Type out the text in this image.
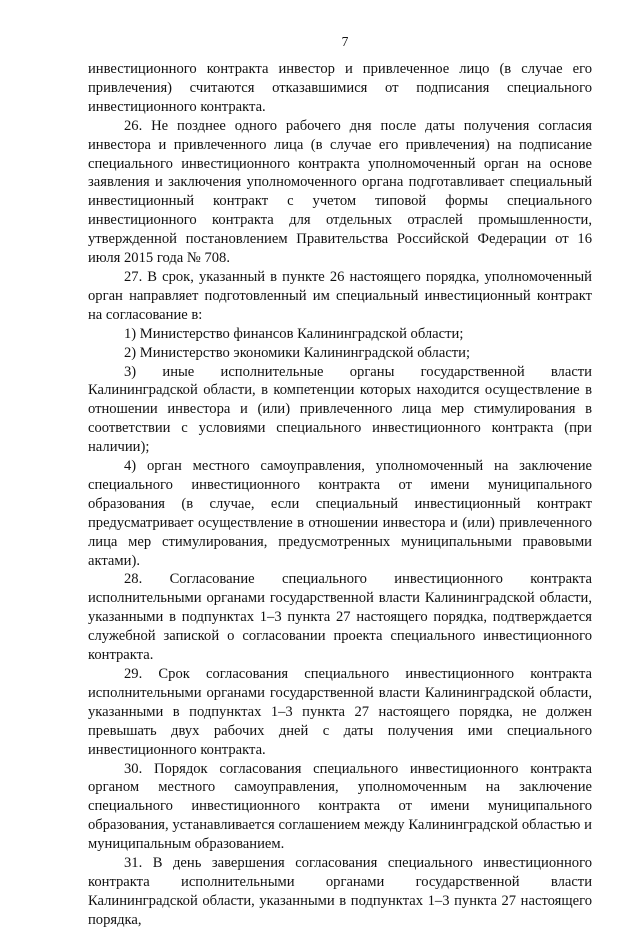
7

инвестиционного контракта инвестор и привлеченное лицо (в случае его привлечения) считаются отказавшимися от подписания специального инвестиционного контракта.

26. Не позднее одного рабочего дня после даты получения согласия инвестора и привлеченного лица (в случае его привлечения) на подписание специального инвестиционного контракта уполномоченный орган на основе заявления и заключения уполномоченного органа подготавливает специальный инвестиционный контракт с учетом типовой формы специального инвестиционного контракта для отдельных отраслей промышленности, утвержденной постановлением Правительства Российской Федерации от 16 июля 2015 года № 708.

27. В срок, указанный в пункте 26 настоящего порядка, уполномоченный орган направляет подготовленный им специальный инвестиционный контракт на согласование в:

1) Министерство финансов Калининградской области;

2) Министерство экономики Калининградской области;

3) иные исполнительные органы государственной власти Калининградской области, в компетенции которых находится осуществление в отношении инвестора и (или) привлеченного лица мер стимулирования в соответствии с условиями специального инвестиционного контракта (при наличии);

4) орган местного самоуправления, уполномоченный на заключение специального инвестиционного контракта от имени муниципального образования (в случае, если специальный инвестиционный контракт предусматривает осуществление в отношении инвестора и (или) привлеченного лица мер стимулирования, предусмотренных муниципальными правовыми актами).

28. Согласование специального инвестиционного контракта исполнительными органами государственной власти Калининградской области, указанными в подпунктах 1–3 пункта 27 настоящего порядка, подтверждается служебной запиской о согласовании проекта специального инвестиционного контракта.

29. Срок согласования специального инвестиционного контракта исполнительными органами государственной власти Калининградской области, указанными в подпунктах 1–3 пункта 27 настоящего порядка, не должен превышать двух рабочих дней с даты получения ими специального инвестиционного контракта.

30. Порядок согласования специального инвестиционного контракта органом местного самоуправления, уполномоченным на заключение специального инвестиционного контракта от имени муниципального образования, устанавливается соглашением между Калининградской областью и муниципальным образованием.

31. В день завершения согласования специального инвестиционного контракта исполнительными органами государственной власти Калининградской области, указанными в подпунктах 1–3 пункта 27 настоящего порядка,
